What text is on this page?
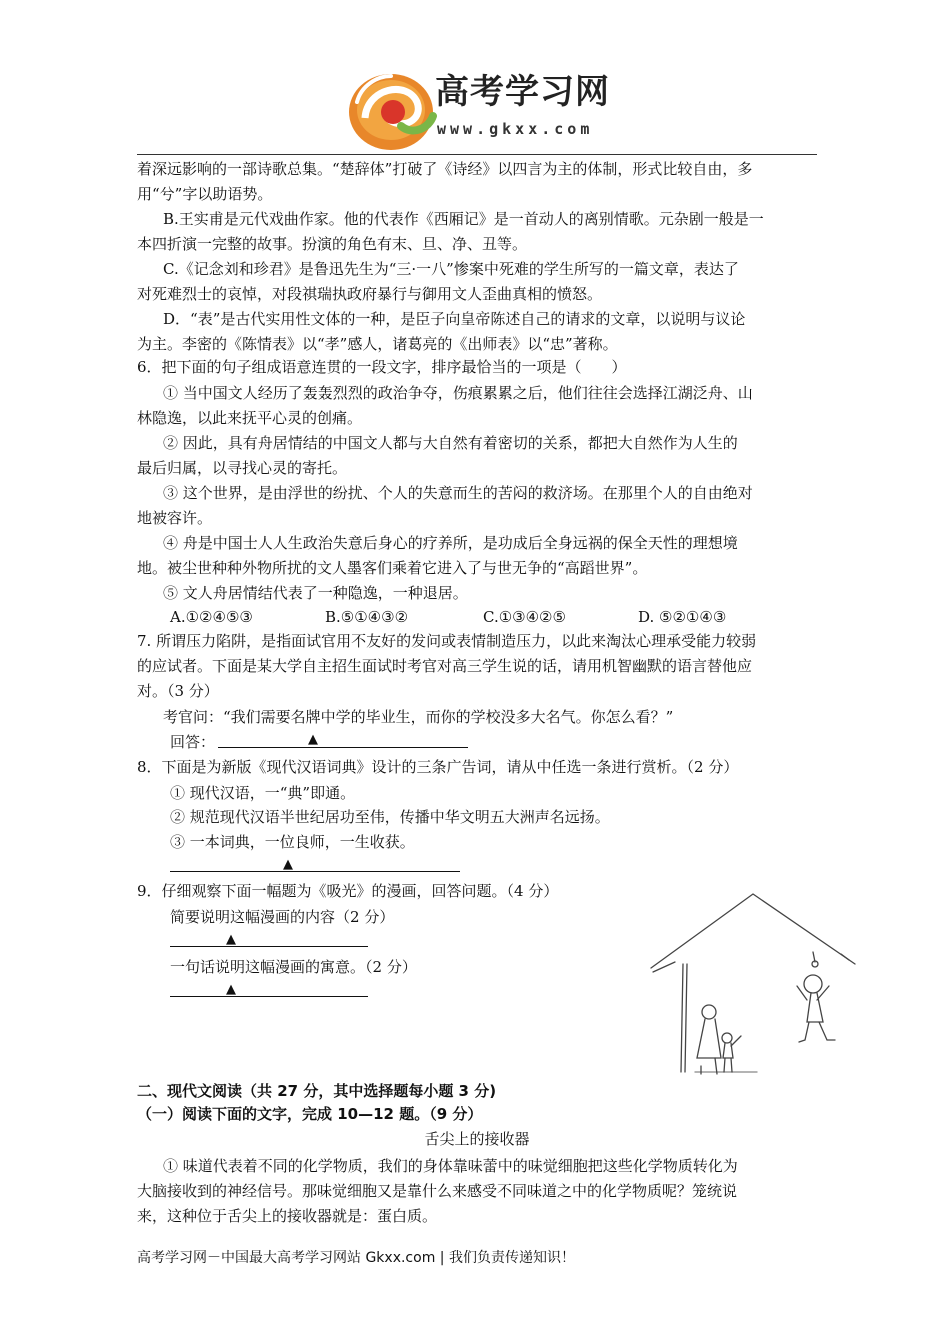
高考学习网
www.gkxx.com
着深远影响的一部诗歌总集。“楚辞体”打破了《诗经》以四言为主的体制，形式比较自由，多
用“兮”字以助语势。
B.王实甫是元代戏曲作家。他的代表作《西厢记》是一首动人的离别情歌。元杂剧一般是一
本四折演一完整的故事。扮演的角色有末、旦、净、丑等。
C.《记念刘和珍君》是鲁迅先生为“三·一八”惨案中死难的学生所写的一篇文章，表达了
对死难烈士的哀悼，对段祺瑞执政府暴行与御用文人歪曲真相的愤怒。
D．“表”是古代实用性文体的一种，是臣子向皇帝陈述自己的请求的文章，以说明与议论
为主。李密的《陈情表》以“孝”感人，诸葛亮的《出师表》以“忠”著称。
6．把下面的句子组成语意连贯的一段文字，排序最恰当的一项是（　　）
① 当中国文人经历了轰轰烈烈的政治争夺，伤痕累累之后，他们往往会选择江湖泛舟、山
林隐逸，以此来抚平心灵的创痛。
② 因此，具有舟居情结的中国文人都与大自然有着密切的关系，都把大自然作为人生的
最后归属，以寻找心灵的寄托。
③ 这个世界，是由浮世的纷扰、个人的失意而生的苦闷的救济场。在那里个人的自由绝对
地被容许。
④ 舟是中国士人人生政治失意后身心的疗养所，是功成后全身远祸的保全天性的理想境
地。被尘世种种外物所扰的文人墨客们乘着它进入了与世无争的“高蹈世界”。
⑤ 文人舟居情结代表了一种隐逸，一种退居。
A.①②④⑤③	B.⑤①④③②	C.①③④②⑤	D. ⑤②①④③
7. 所谓压力陷阱，是指面试官用不友好的发问或表情制造压力，以此来淘汰心理承受能力较弱
的应试者。下面是某大学自主招生面试时考官对高三学生说的话，请用机智幽默的语言替他应
对。（3 分）
考官问：“我们需要名牌中学的毕业生，而你的学校没多大名气。你怎么看？”
回答：	▲
8．下面是为新版《现代汉语词典》设计的三条广告词，请从中任选一条进行赏析。（2 分）
① 现代汉语，一“典”即通。
② 规范现代汉语半世纪居功至伟，传播中华文明五大洲声名远扬。
③ 一本词典，一位良师，一生收获。
▲
9．仔细观察下面一幅题为《吸光》的漫画，回答问题。（4 分）
简要说明这幅漫画的内容（2 分）
▲
一句话说明这幅漫画的寓意。（2 分）
▲
二、现代文阅读（共 27 分，其中选择题每小题 3 分)
（一）阅读下面的文字，完成 10—12 题。（9 分）
舌尖上的接收器
① 味道代表着不同的化学物质，我们的身体靠味蕾中的味觉细胞把这些化学物质转化为
大脑接收到的神经信号。那味觉细胞又是靠什么来感受不同味道之中的化学物质呢？笼统说
来，这种位于舌尖上的接收器就是：蛋白质。
高考学习网－中国最大高考学习网站 Gkxx.com | 我们负责传递知识！
